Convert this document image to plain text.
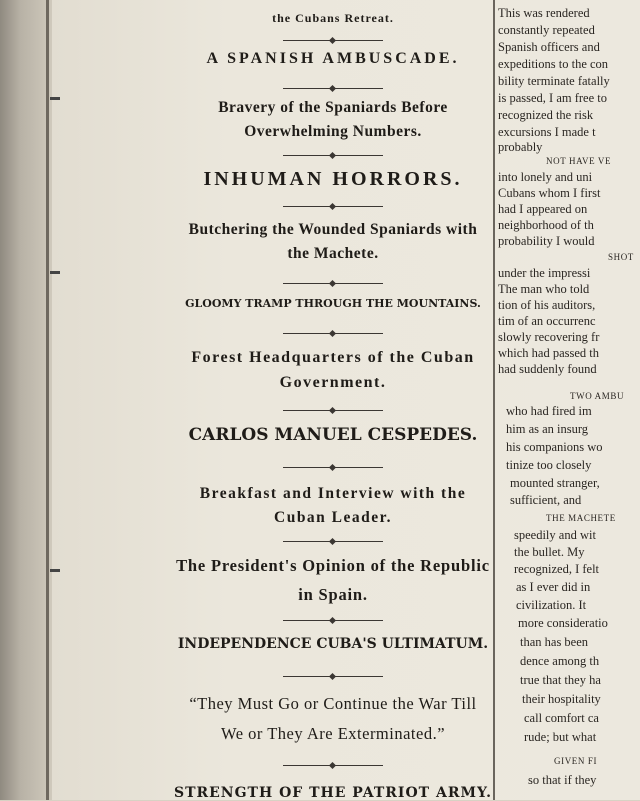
the Cubans Retreat.

A SPANISH AMBUSCADE.

Bravery of the Spaniards Before Overwhelming Numbers.

INHUMAN HORRORS.

Butchering the Wounded Spaniards with the Machete.

GLOOMY TRAMP THROUGH THE MOUNTAINS.

Forest Headquarters of the Cuban Government.

CARLOS MANUEL CESPEDES.

Breakfast and Interview with the Cuban Leader.

The President's Opinion of the Republic in Spain.

INDEPENDENCE CUBA'S ULTIMATUM.

“They Must Go or Continue the War Till We or They Are Exterminated.”

STRENGTH OF THE PATRIOT ARMY.

This was rendered
constantly repeated
Spanish officers and
expeditions to the con
bility terminate fatally
is passed, I am free to
recognized the risk
excursions I made t
probably
NOT HAVE VE
into lonely and uni
Cubans whom I first
had I appeared on
neighborhood of th
probability I would
SHOT
under the impressi
The man who told
tion of his auditors,
tim of an occurrenc
slowly recovering fr
which had passed th
had suddenly found
TWO AMBU
who had fired im
him as an insurg
his companions wo
tinize too closely
mounted stranger,
sufficient, and
THE MACHETE
speedily and wit
the bullet. My
recognized, I felt
as I ever did in
civilization. It
more consideratio
than has been
dence among th
true that they ha
their hospitality
call comfort ca
rude; but what
GIVEN FI
so that if they
